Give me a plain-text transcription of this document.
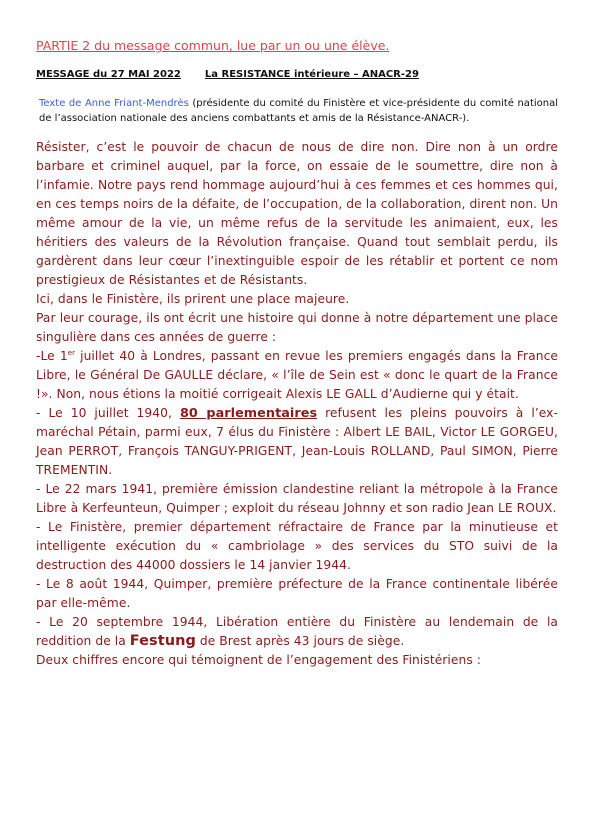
PARTIE 2 du message commun, lue par un ou une élève.
MESSAGE du 27 MAI 2022 La RESISTANCE intérieure – ANACR-29
Texte de Anne Friant-Mendrès (présidente du comité du Finistère et vice-présidente du comité national de l’association nationale des anciens combattants et amis de la Résistance-ANACR-).

Résister, c’est le pouvoir de chacun de nous de dire non. Dire non à un ordre barbare et criminel auquel, par la force, on essaie de le soumettre, dire non à l’infamie. Notre pays rend hommage aujourd’hui à ces femmes et ces hommes qui, en ces temps noirs de la défaite, de l’occupation, de la collaboration, dirent non. Un même amour de la vie, un même refus de la servitude les animaient, eux, les héritiers des valeurs de la Révolution française. Quand tout semblait perdu, ils gardèrent dans leur cœur l’inextinguible espoir de les rétablir et portent ce nom prestigieux de Résistantes et de Résistants.

Ici, dans le Finistère, ils prirent une place majeure.

Par leur courage, ils ont écrit une histoire qui donne à notre département une place singulière dans ces années de guerre :

-Le 1er juillet 40 à Londres, passant en revue les premiers engagés dans la France Libre, le Général De GAULLE déclare, « l’île de Sein est « donc le quart de la France !». Non, nous étions la moitié corrigeait Alexis LE GALL d’Audierne qui y était.

- Le 10 juillet 1940, 80 parlementaires refusent les pleins pouvoirs à l’ex-maréchal Pétain, parmi eux, 7 élus du Finistère : Albert LE BAIL, Victor LE GORGEU, Jean PERROT, François TANGUY-PRIGENT, Jean-Louis ROLLAND, Paul SIMON, Pierre TREMENTIN.

- Le 22 mars 1941, première émission clandestine reliant la métropole à la France Libre à Kerfeunteun, Quimper ; exploit du réseau Johnny et son radio Jean LE ROUX.

- Le Finistère, premier département réfractaire de France par la minutieuse et intelligente exécution du « cambriolage » des services du STO suivi de la destruction des 44000 dossiers le 14 janvier 1944.

- Le 8 août 1944, Quimper, première préfecture de la France continentale libérée par elle-même.

- Le 20 septembre 1944, Libération entière du Finistère au lendemain de la reddition de la Festung de Brest après 43 jours de siège.

Deux chiffres encore qui témoignent de l’engagement des Finistériens :
